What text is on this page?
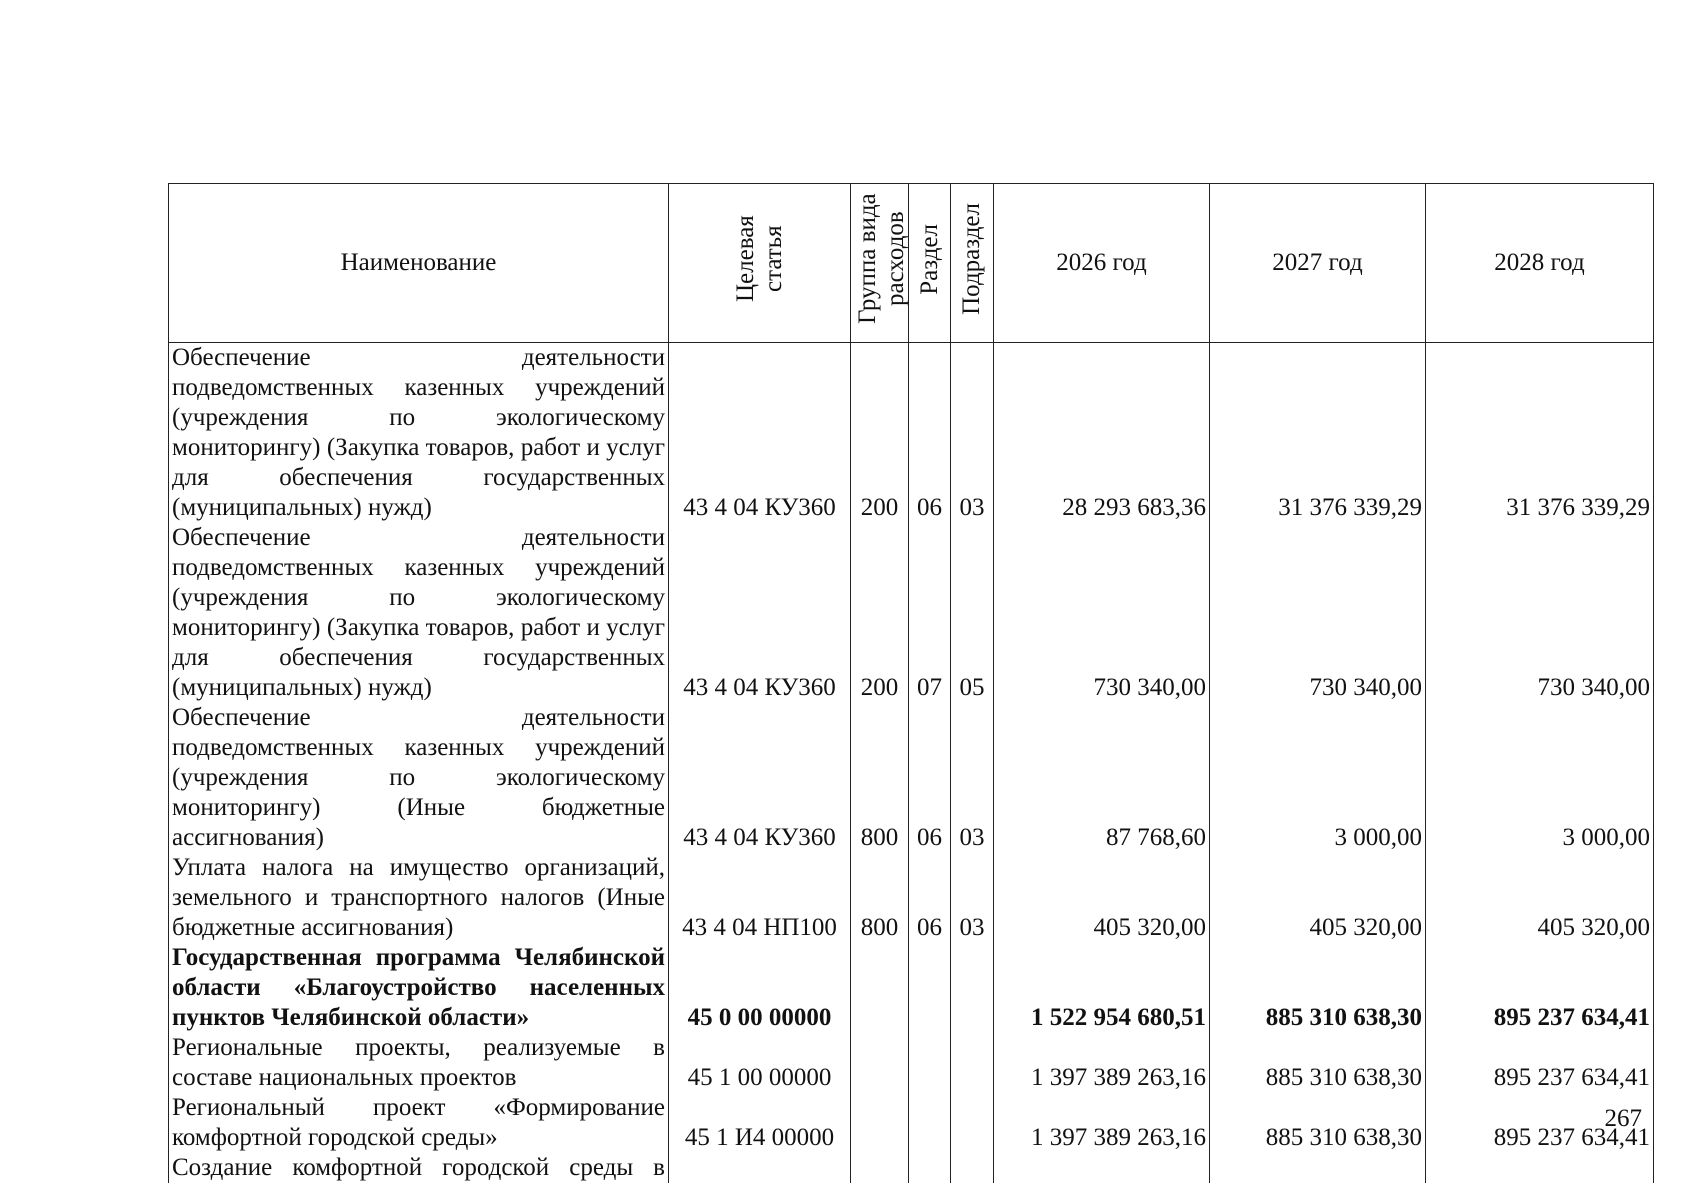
Наименование	Целевая статья	Группа вида расходов	Раздел	Подраздел	2026 год	2027 год	2028 год
Обеспечение деятельности подведомственных казенных учреждений (учреждения по экологическому мониторингу) (Закупка товаров, работ и услуг для обеспечения государственных (муниципальных) нужд)	43 4 04 КУ360	200	06	03	28 293 683,36	31 376 339,29	31 376 339,29
Обеспечение деятельности подведомственных казенных учреждений (учреждения по экологическому мониторингу) (Закупка товаров, работ и услуг для обеспечения государственных (муниципальных) нужд)	43 4 04 КУ360	200	07	05	730 340,00	730 340,00	730 340,00
Обеспечение деятельности подведомственных казенных учреждений (учреждения по экологическому мониторингу) (Иные бюджетные ассигнования)	43 4 04 КУ360	800	06	03	87 768,60	3 000,00	3 000,00
Уплата налога на имущество организаций, земельного и транспортного налогов (Иные бюджетные ассигнования)	43 4 04 НП100	800	06	03	405 320,00	405 320,00	405 320,00
Государственная программа Челябинской области «Благоустройство населенных пунктов Челябинской области»	45 0 00 00000				1 522 954 680,51	885 310 638,30	895 237 634,41
Региональные проекты, реализуемые в составе национальных проектов	45 1 00 00000				1 397 389 263,16	885 310 638,30	895 237 634,41
Региональный проект «Формирование комфортной городской среды»	45 1 И4 00000				1 397 389 263,16	885 310 638,30	895 237 634,41
Создание комфортной городской среды в							
267
